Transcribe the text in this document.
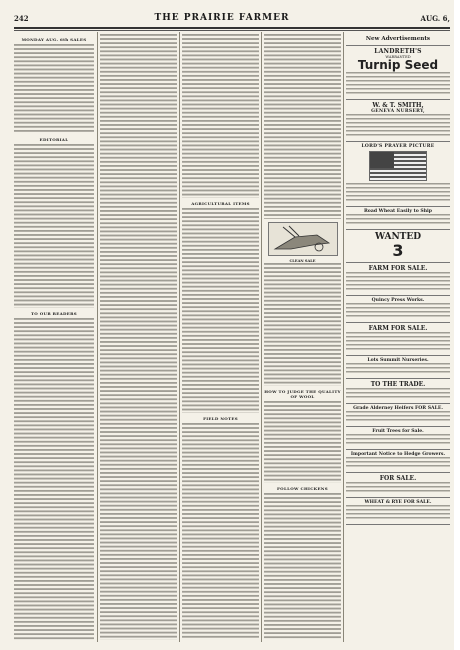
242	THE PRAIRIE FARMER	AUG. 6,
MONDAY AUG. 6th SALES
EDITORIAL
TO OUR READERS
AGRICULTURAL ITEMS
FIELD NOTES
CLEAN SALE
HOW TO JUDGE THE QUALITY OF WOOL
FOLLOW CHICKENS
New Advertisements
LANDRETH'S
WARRANTED
Turnip Seed
W. & T. SMITH,
GENEVA NURSERY,
LORD'S PRAYER PICTURE
Road Wheat Easily to Ship
WANTED
3
FARM FOR SALE.
Quincy Press Works.
FARM FOR SALE.
Lots Summit Nurseries.
TO THE TRADE.
Grade Alderney Heifers FOR SALE.
Fruit Trees for Sale.
Important Notice to Hedge Growers.
FOR SALE.
WHEAT & RYE FOR SALE.
